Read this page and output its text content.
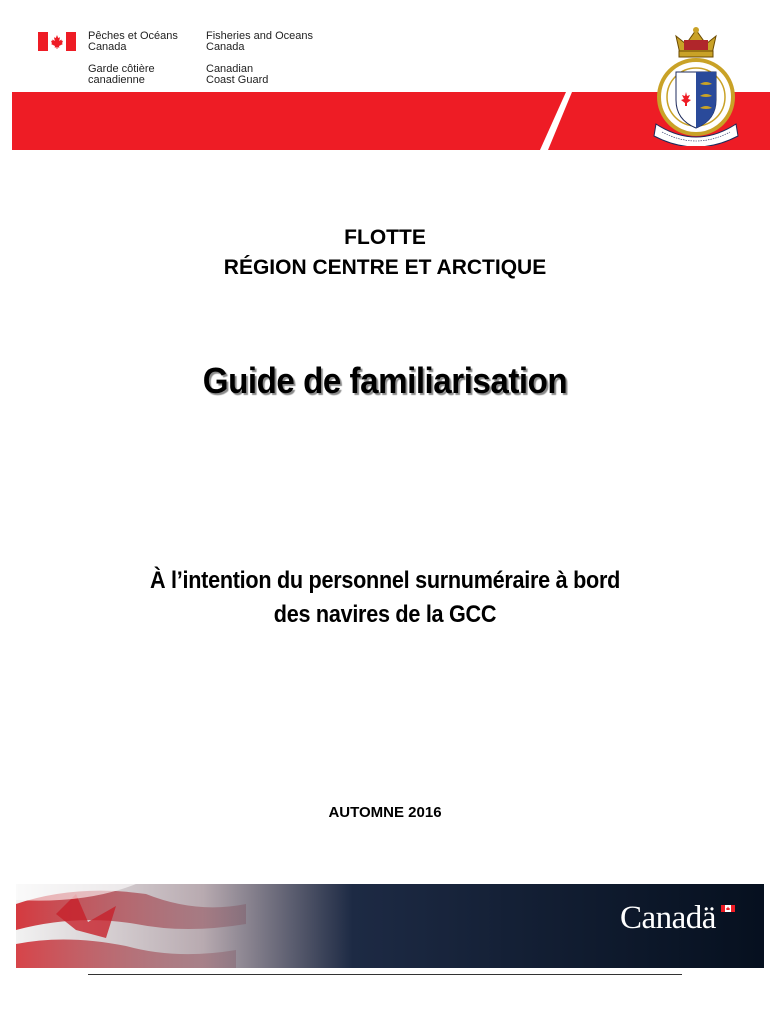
Pêches et Océans
Canada
Fisheries and Oceans
Canada
Garde côtière
canadienne
Canadian
Coast Guard
FLOTTE
RÉGION CENTRE ET ARCTIQUE
Guide de familiarisation
À l’intention du personnel surnuméraire à bord
des navires de la GCC
AUTOMNE 2016
Canadä
